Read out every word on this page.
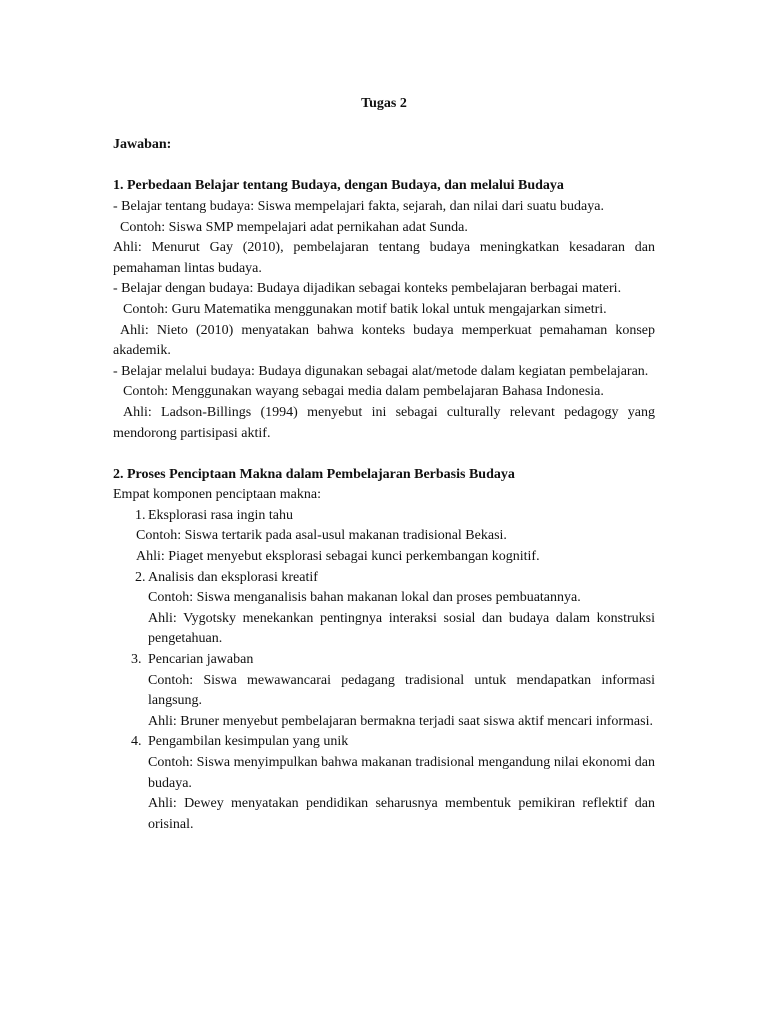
Tugas 2

Jawaban:

1. Perbedaan Belajar tentang Budaya, dengan Budaya, dan melalui Budaya

- Belajar tentang budaya: Siswa mempelajari fakta, sejarah, dan nilai dari suatu budaya.

Contoh: Siswa SMP mempelajari adat pernikahan adat Sunda.

Ahli: Menurut Gay (2010), pembelajaran tentang budaya meningkatkan kesadaran dan pemahaman lintas budaya.

- Belajar dengan budaya: Budaya dijadikan sebagai konteks pembelajaran berbagai materi.

Contoh: Guru Matematika menggunakan motif batik lokal untuk mengajarkan simetri.

Ahli: Nieto (2010) menyatakan bahwa konteks budaya memperkuat pemahaman konsep akademik.

- Belajar melalui budaya: Budaya digunakan sebagai alat/metode dalam kegiatan pembelajaran.

Contoh: Menggunakan wayang sebagai media dalam pembelajaran Bahasa Indonesia.

Ahli: Ladson-Billings (1994) menyebut ini sebagai culturally relevant pedagogy yang mendorong partisipasi aktif.

2. Proses Penciptaan Makna dalam Pembelajaran Berbasis Budaya

Empat komponen penciptaan makna:

1. Eksplorasi rasa ingin tahu

Contoh: Siswa tertarik pada asal-usul makanan tradisional Bekasi.

Ahli: Piaget menyebut eksplorasi sebagai kunci perkembangan kognitif.

2. Analisis dan eksplorasi kreatif

Contoh: Siswa menganalisis bahan makanan lokal dan proses pembuatannya.

Ahli: Vygotsky menekankan pentingnya interaksi sosial dan budaya dalam konstruksi pengetahuan.

3. Pencarian jawaban

Contoh: Siswa mewawancarai pedagang tradisional untuk mendapatkan informasi langsung.

Ahli: Bruner menyebut pembelajaran bermakna terjadi saat siswa aktif mencari informasi.

4. Pengambilan kesimpulan yang unik

Contoh: Siswa menyimpulkan bahwa makanan tradisional mengandung nilai ekonomi dan budaya.

Ahli: Dewey menyatakan pendidikan seharusnya membentuk pemikiran reflektif dan orisinal.
